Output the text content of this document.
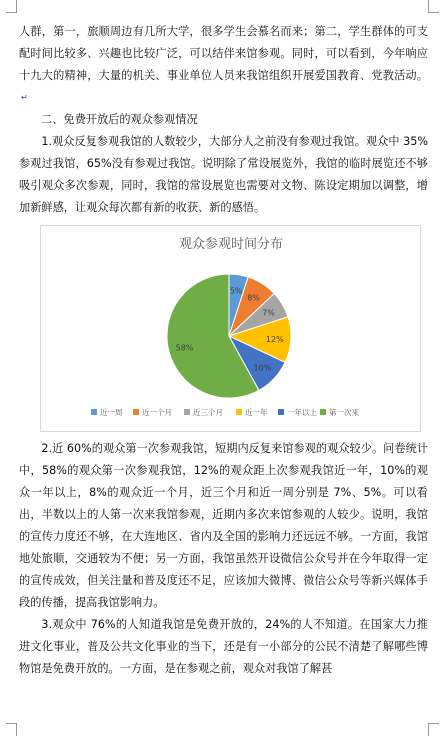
人群，第一，旅顺周边有几所大学，很多学生会慕名而来；第二，学生群体的可支配时间比较多、兴趣也比较广泛，可以结伴来馆参观。同时，可以看到，今年响应十九大的精神，大量的机关、事业单位人员来我馆组织开展爱国教育、党教活动。↵

二、免费开放后的观众参观情况

1.观众反复参观我馆的人数较少，大部分人之前没有参观过我馆。观众中 35%参观过我馆，65%没有参观过我馆。说明除了常设展览外，我馆的临时展览还不够吸引观众多次参观，同时，我馆的常设展览也需要对文物、陈设定期加以调整，增加新鲜感，让观众每次都有新的收获、新的感悟。

观众参观时间分布
5%
8%
7%
12%
10%
58%
近一周	近一个月	近三个月	近一年	一年以上 第一次来

2.近 60%的观众第一次参观我馆，短期内反复来馆参观的观众较少。问卷统计中，58%的观众第一次参观我馆，12%的观众距上次参观我馆近一年，10%的观众一年以上，8%的观众近一个月，近三个月和近一周分别是 7%、5%。可以看出，半数以上的人第一次来我馆参观，近期内多次来馆参观的人较少。说明，我馆的宣传力度还不够，在大连地区、省内及全国的影响力还远远不够。一方面，我馆地处旅顺，交通较为不便；另一方面，我馆虽然开设微信公众号并在今年取得一定的宣传成效，但关注量和普及度还不足，应该加大微博、微信公众号等新兴媒体手段的传播，提高我馆影响力。

3.观众中 76%的人知道我馆是免费开放的，24%的人不知道。在国家大力推进文化事业，普及公共文化事业的当下，还是有一小部分的公民不清楚了解哪些博物馆是免费开放的。一方面，是在参观之前，观众对我馆了解甚
